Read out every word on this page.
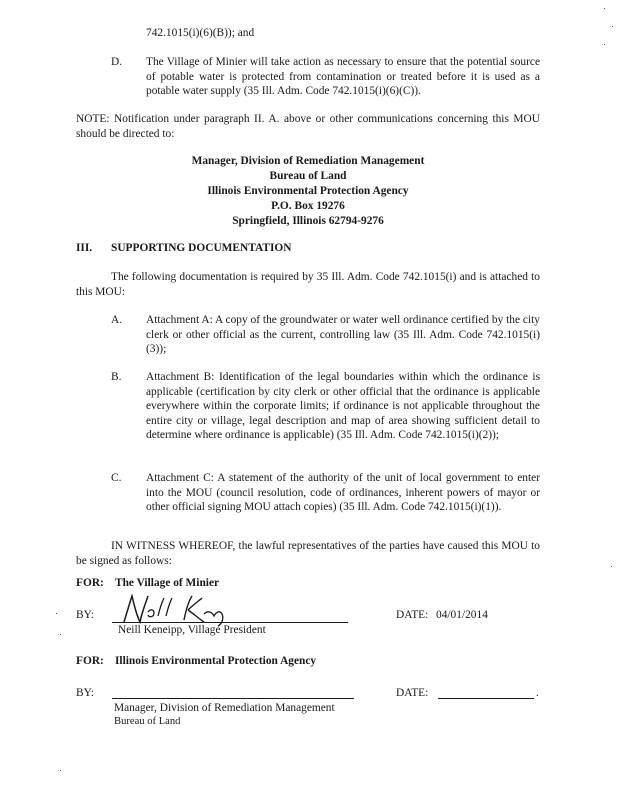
742.1015(i)(6)(B)); and
D. The Village of Minier will take action as necessary to ensure that the potential source of potable water is protected from contamination or treated before it is used as a potable water supply (35 Ill. Adm. Code 742.1015(i)(6)(C)).
NOTE: Notification under paragraph II. A. above or other communications concerning this MOU should be directed to:
Manager, Division of Remediation Management
Bureau of Land
Illinois Environmental Protection Agency
P.O. Box 19276
Springfield, Illinois 62794-9276
III. SUPPORTING DOCUMENTATION
The following documentation is required by 35 Ill. Adm. Code 742.1015(i) and is attached to this MOU:
A. Attachment A: A copy of the groundwater or water well ordinance certified by the city clerk or other official as the current, controlling law (35 Ill. Adm. Code 742.1015(i)(3));
B. Attachment B: Identification of the legal boundaries within which the ordinance is applicable (certification by city clerk or other official that the ordinance is applicable everywhere within the corporate limits; if ordinance is not applicable throughout the entire city or village, legal description and map of area showing sufficient detail to determine where ordinance is applicable) (35 Ill. Adm. Code 742.1015(i)(2));
C. Attachment C: A statement of the authority of the unit of local government to enter into the MOU (council resolution, code of ordinances, inherent powers of mayor or other official signing MOU attach copies) (35 Ill. Adm. Code 742.1015(i)(1)).
IN WITNESS WHEREOF, the lawful representatives of the parties have caused this MOU to be signed as follows:
FOR: The Village of Minier
BY:
Neill Keneipp, Village President
DATE: 04/01/2014
FOR: Illinois Environmental Protection Agency
BY:
Manager, Division of Remediation Management
Bureau of Land
DATE:	.
